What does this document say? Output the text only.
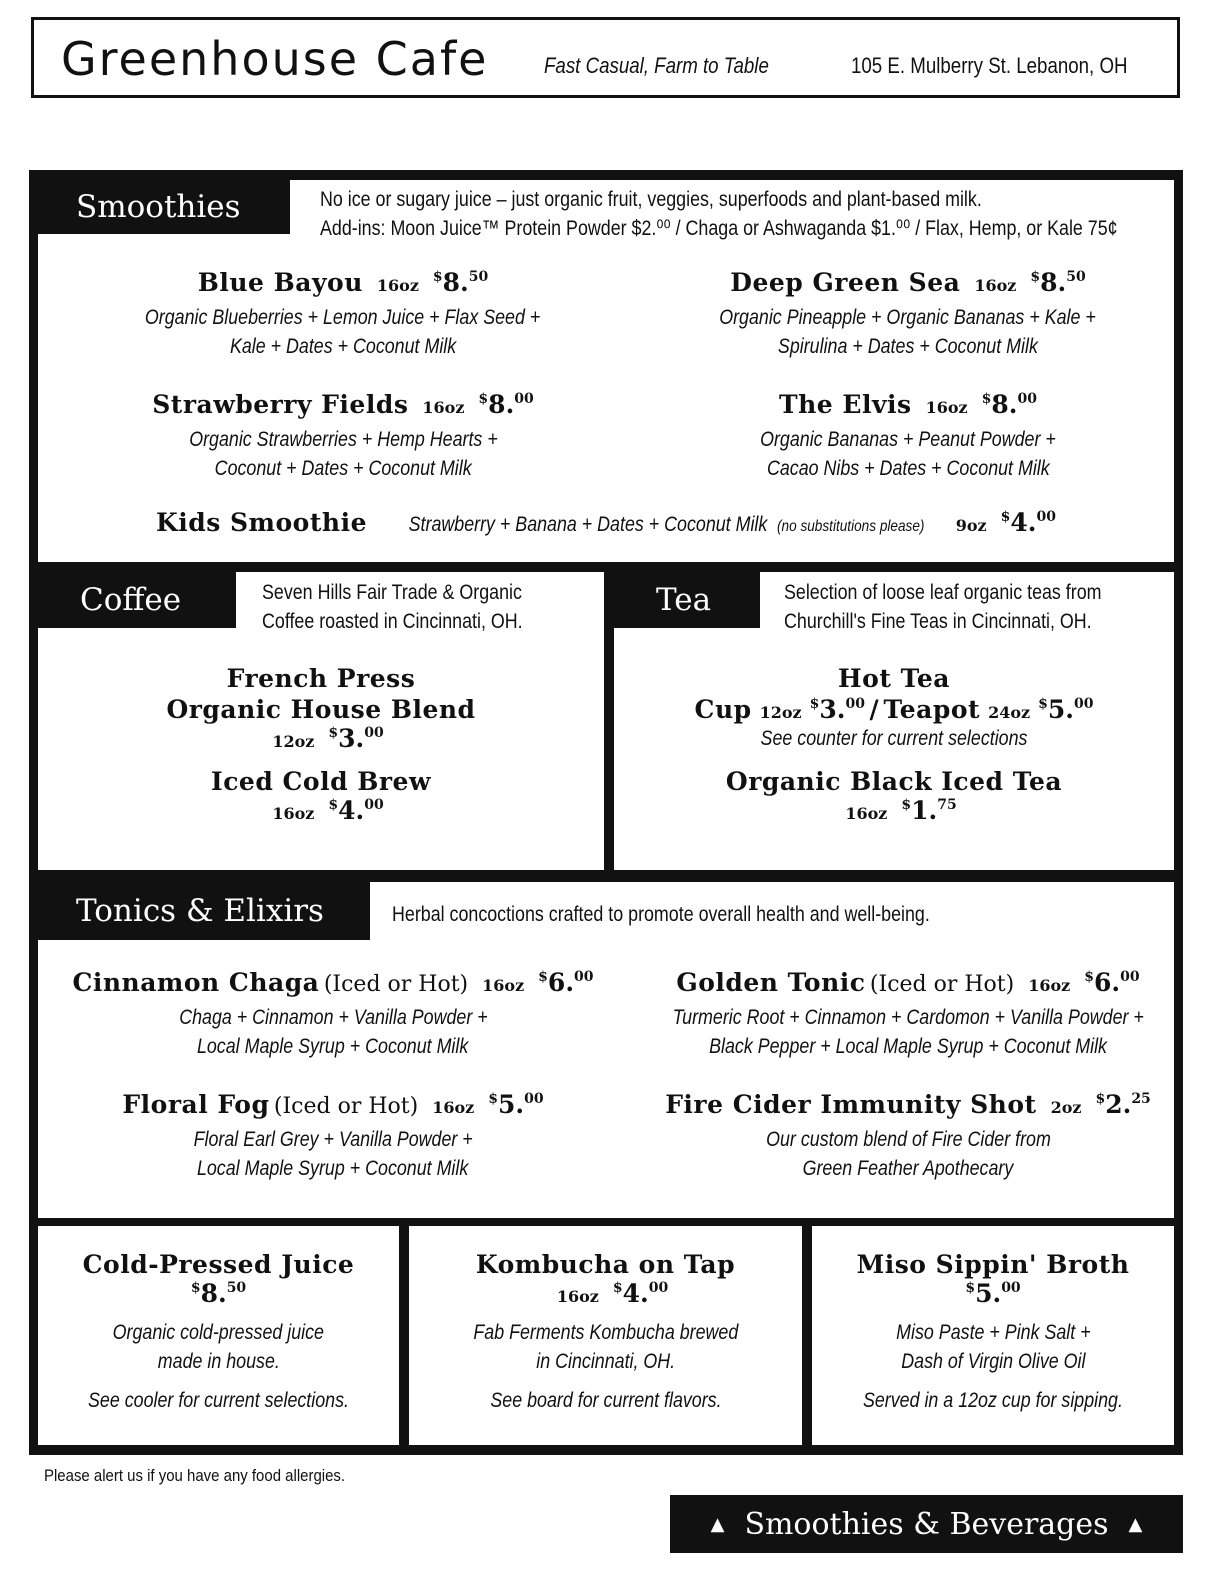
Greenhouse Cafe	Fast Casual, Farm to Table	105 E. Mulberry St. Lebanon, OH
Smoothies	No ice or sugary juice – just organic fruit, veggies, superfoods and plant-based milk.
Add-ins: Moon Juice™ Protein Powder $2.⁰⁰ / Chaga or Ashwaganda $1.⁰⁰ / Flax, Hemp, or Kale 75¢
Blue Bayou 16oz $8.50
Organic Blueberries + Lemon Juice + Flax Seed +
Kale + Dates + Coconut Milk
Deep Green Sea 16oz $8.50
Organic Pineapple + Organic Bananas + Kale +
Spirulina + Dates + Coconut Milk
Strawberry Fields 16oz $8.00
Organic Strawberries + Hemp Hearts +
Coconut + Dates + Coconut Milk
The Elvis 16oz $8.00
Organic Bananas + Peanut Powder +
Cacao Nibs + Dates + Coconut Milk
Kids Smoothie Strawberry + Banana + Dates + Coconut Milk (no substitutions please) 9oz $4.00
Coffee	Seven Hills Fair Trade & Organic
Coffee roasted in Cincinnati, OH.
French Press
Organic House Blend
12oz $3.00
Iced Cold Brew
16oz $4.00
Tea	Selection of loose leaf organic teas from
Churchill's Fine Teas in Cincinnati, OH.
Hot Tea
Cup 12oz $3.00 / Teapot 24oz $5.00
See counter for current selections
Organic Black Iced Tea
16oz $1.75
Tonics & Elixirs	Herbal concoctions crafted to promote overall health and well-being.
Cinnamon Chaga (Iced or Hot) 16oz $6.00
Chaga + Cinnamon + Vanilla Powder +
Local Maple Syrup + Coconut Milk
Golden Tonic (Iced or Hot) 16oz $6.00
Turmeric Root + Cinnamon + Cardomon + Vanilla Powder +
Black Pepper + Local Maple Syrup + Coconut Milk
Floral Fog (Iced or Hot) 16oz $5.00
Floral Earl Grey + Vanilla Powder +
Local Maple Syrup + Coconut Milk
Fire Cider Immunity Shot 2oz $2.25
Our custom blend of Fire Cider from
Green Feather Apothecary
Cold-Pressed Juice
$8.50
Organic cold-pressed juice
made in house.
See cooler for current selections.
Kombucha on Tap
16oz $4.00
Fab Ferments Kombucha brewed
in Cincinnati, OH.
See board for current flavors.
Miso Sippin' Broth
$5.00
Miso Paste + Pink Salt +
Dash of Virgin Olive Oil
Served in a 12oz cup for sipping.
Please alert us if you have any food allergies.
▲ Smoothies & Beverages ▲
